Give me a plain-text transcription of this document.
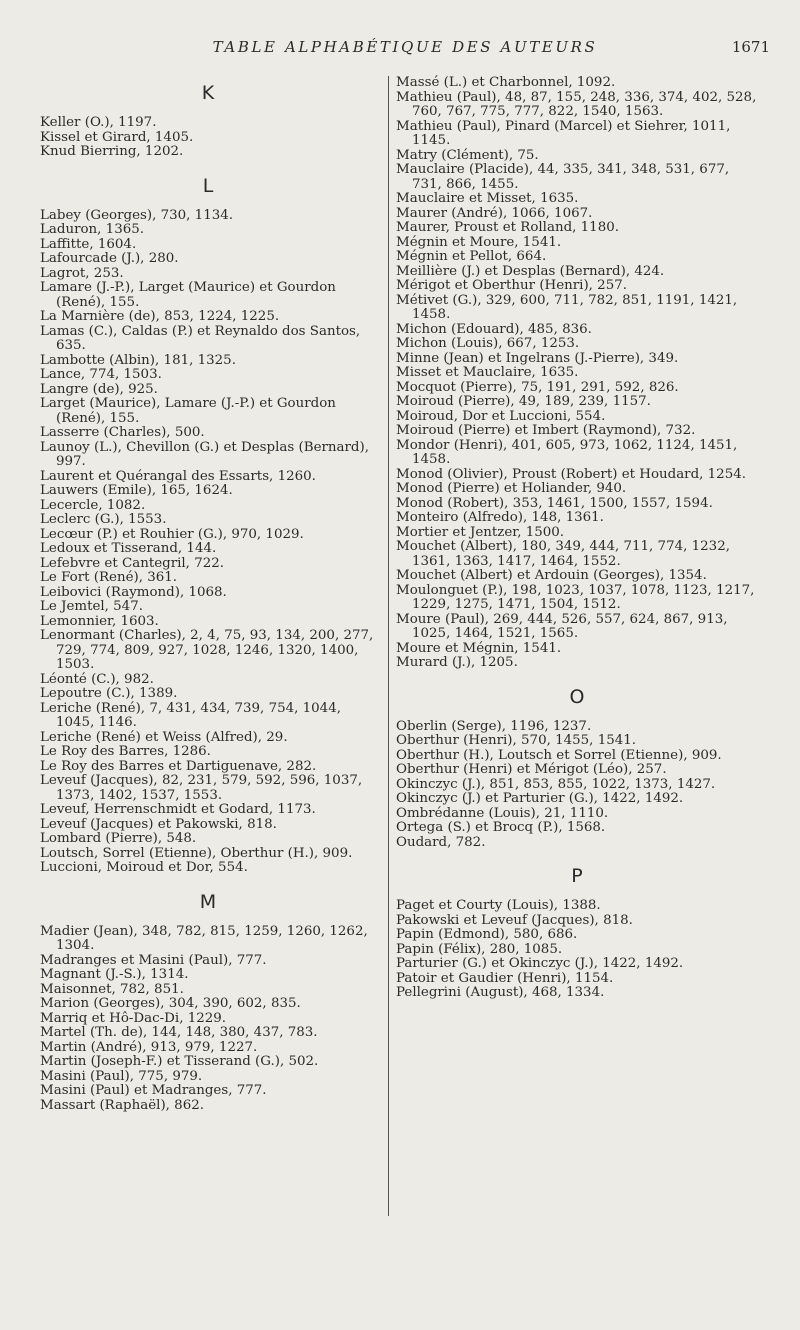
TABLE ALPHABÉTIQUE DES AUTEURS	1671
K
Keller (O.), 1197.
Kissel et Girard, 1405.
Knud Bierring, 1202.
L
Labey (Georges), 730, 1134.
Laduron, 1365.
Laffitte, 1604.
Lafourcade (J.), 280.
Lagrot, 253.
Lamare (J.-P.), Larget (Maurice) et Gourdon (René), 155.
La Marnière (de), 853, 1224, 1225.
Lamas (C.), Caldas (P.) et Reynaldo dos Santos, 635.
Lambotte (Albin), 181, 1325.
Lance, 774, 1503.
Langre (de), 925.
Larget (Maurice), Lamare (J.-P.) et Gourdon (René), 155.
Lasserre (Charles), 500.
Launoy (L.), Chevillon (G.) et Desplas (Bernard), 997.
Laurent et Quérangal des Essarts, 1260.
Lauwers (Emile), 165, 1624.
Lecercle, 1082.
Leclerc (G.), 1553.
Lecœur (P.) et Rouhier (G.), 970, 1029.
Ledoux et Tisserand, 144.
Lefebvre et Cantegril, 722.
Le Fort (René), 361.
Leibovici (Raymond), 1068.
Le Jemtel, 547.
Lemonnier, 1603.
Lenormant (Charles), 2, 4, 75, 93, 134, 200, 277, 729, 774, 809, 927, 1028, 1246, 1320, 1400, 1503.
Léonté (C.), 982.
Lepoutre (C.), 1389.
Leriche (René), 7, 431, 434, 739, 754, 1044, 1045, 1146.
Leriche (René) et Weiss (Alfred), 29.
Le Roy des Barres, 1286.
Le Roy des Barres et Dartiguenave, 282.
Leveuf (Jacques), 82, 231, 579, 592, 596, 1037, 1373, 1402, 1537, 1553.
Leveuf, Herrenschmidt et Godard, 1173.
Leveuf (Jacques) et Pakowski, 818.
Lombard (Pierre), 548.
Loutsch, Sorrel (Etienne), Oberthur (H.), 909.
Luccioni, Moiroud et Dor, 554.
M
Madier (Jean), 348, 782, 815, 1259, 1260, 1262, 1304.
Madranges et Masini (Paul), 777.
Magnant (J.-S.), 1314.
Maisonnet, 782, 851.
Marion (Georges), 304, 390, 602, 835.
Marriq et Hô-Dac-Di, 1229.
Martel (Th. de), 144, 148, 380, 437, 783.
Martin (André), 913, 979, 1227.
Martin (Joseph-F.) et Tisserand (G.), 502.
Masini (Paul), 775, 979.
Masini (Paul) et Madranges, 777.
Massart (Raphaël), 862.
Massé (L.) et Charbonnel, 1092.
Mathieu (Paul), 48, 87, 155, 248, 336, 374, 402, 528, 760, 767, 775, 777, 822, 1540, 1563.
Mathieu (Paul), Pinard (Marcel) et Siehrer, 1011, 1145.
Matry (Clément), 75.
Mauclaire (Placide), 44, 335, 341, 348, 531, 677, 731, 866, 1455.
Mauclaire et Misset, 1635.
Maurer (André), 1066, 1067.
Maurer, Proust et Rolland, 1180.
Mégnin et Moure, 1541.
Mégnin et Pellot, 664.
Meillière (J.) et Desplas (Bernard), 424.
Mérigot et Oberthur (Henri), 257.
Métivet (G.), 329, 600, 711, 782, 851, 1191, 1421, 1458.
Michon (Edouard), 485, 836.
Michon (Louis), 667, 1253.
Minne (Jean) et Ingelrans (J.-Pierre), 349.
Misset et Mauclaire, 1635.
Mocquot (Pierre), 75, 191, 291, 592, 826.
Moiroud (Pierre), 49, 189, 239, 1157.
Moiroud, Dor et Luccioni, 554.
Moiroud (Pierre) et Imbert (Raymond), 732.
Mondor (Henri), 401, 605, 973, 1062, 1124, 1451, 1458.
Monod (Olivier), Proust (Robert) et Houdard, 1254.
Monod (Pierre) et Holiander, 940.
Monod (Robert), 353, 1461, 1500, 1557, 1594.
Monteiro (Alfredo), 148, 1361.
Mortier et Jentzer, 1500.
Mouchet (Albert), 180, 349, 444, 711, 774, 1232, 1361, 1363, 1417, 1464, 1552.
Mouchet (Albert) et Ardouin (Georges), 1354.
Moulonguet (P.), 198, 1023, 1037, 1078, 1123, 1217, 1229, 1275, 1471, 1504, 1512.
Moure (Paul), 269, 444, 526, 557, 624, 867, 913, 1025, 1464, 1521, 1565.
Moure et Mégnin, 1541.
Murard (J.), 1205.
O
Oberlin (Serge), 1196, 1237.
Oberthur (Henri), 570, 1455, 1541.
Oberthur (H.), Loutsch et Sorrel (Etienne), 909.
Oberthur (Henri) et Mérigot (Léo), 257.
Okinczyc (J.), 851, 853, 855, 1022, 1373, 1427.
Okinczyc (J.) et Parturier (G.), 1422, 1492.
Ombrédanne (Louis), 21, 1110.
Ortega (S.) et Brocq (P.), 1568.
Oudard, 782.
P
Paget et Courty (Louis), 1388.
Pakowski et Leveuf (Jacques), 818.
Papin (Edmond), 580, 686.
Papin (Félix), 280, 1085.
Parturier (G.) et Okinczyc (J.), 1422, 1492.
Patoir et Gaudier (Henri), 1154.
Pellegrini (August), 468, 1334.
